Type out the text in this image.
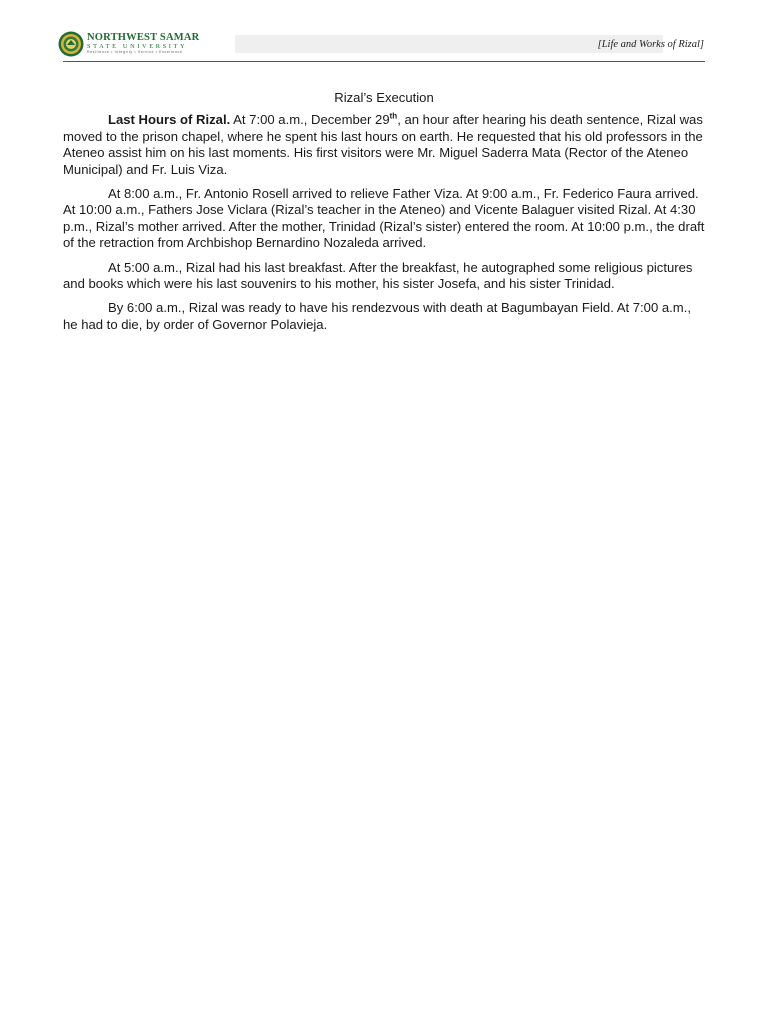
NORTHWEST SAMAR
STATE UNIVERSITY
Resilience • Integrity • Service • Excellence
[Life and Works of Rizal]

Rizal’s Execution

Last Hours of Rizal. At 7:00 a.m., December 29th, an hour after hearing his death sentence, Rizal was moved to the prison chapel, where he spent his last hours on earth. He requested that his old professors in the Ateneo assist him on his last moments. His first visitors were Mr. Miguel Saderra Mata (Rector of the Ateneo Municipal) and Fr. Luis Viza.

At 8:00 a.m., Fr. Antonio Rosell arrived to relieve Father Viza. At 9:00 a.m., Fr. Federico Faura arrived. At 10:00 a.m., Fathers Jose Viclara (Rizal’s teacher in the Ateneo) and Vicente Balaguer visited Rizal. At 4:30 p.m., Rizal’s mother arrived. After the mother, Trinidad (Rizal’s sister) entered the room. At 10:00 p.m., the draft of the retraction from Archbishop Bernardino Nozaleda arrived.

At 5:00 a.m., Rizal had his last breakfast. After the breakfast, he autographed some religious pictures and books which were his last souvenirs to his mother, his sister Josefa, and his sister Trinidad.

By 6:00 a.m., Rizal was ready to have his rendezvous with death at Bagumbayan Field. At 7:00 a.m., he had to die, by order of Governor Polavieja.
